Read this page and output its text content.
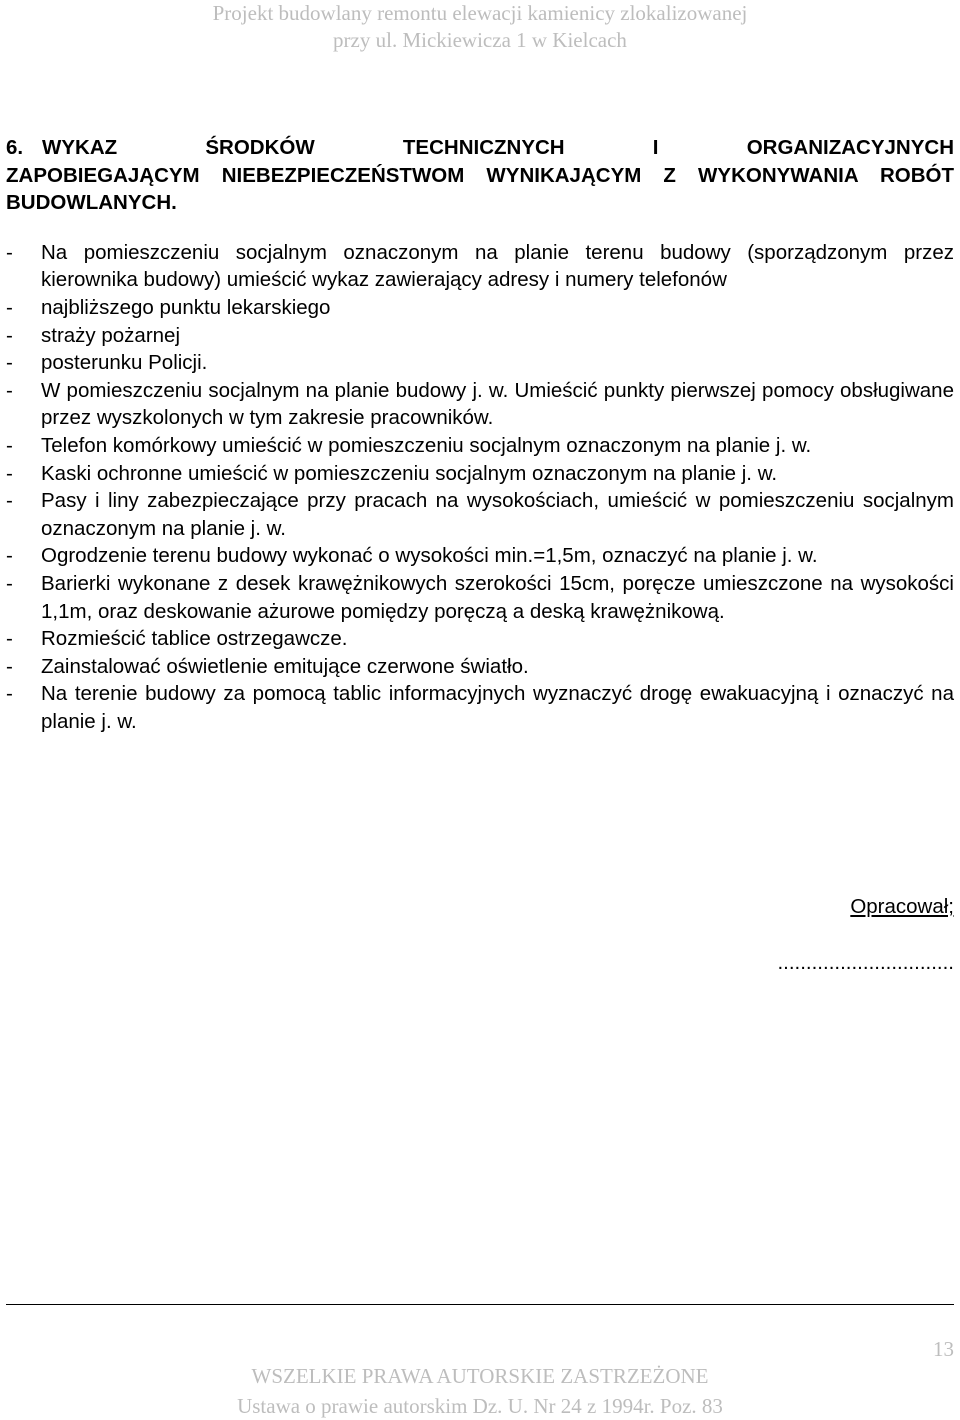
Projekt budowlany remontu elewacji kamienicy zlokalizowanej
przy ul. Mickiewicza 1 w Kielcach
6. WYKAZ ŚRODKÓW TECHNICZNYCH I ORGANIZACYJNYCH
ZAPOBIEGAJĄCYM NIEBEZPIECZEŃSTWOM WYNIKAJĄCYM Z WYKONYWANIA ROBÓT BUDOWLANYCH.
- Na pomieszczeniu socjalnym oznaczonym na planie terenu budowy (sporządzonym przez kierownika budowy) umieścić wykaz zawierający adresy i numery telefonów
- najbliższego punktu lekarskiego
- straży pożarnej
- posterunku Policji.
- W pomieszczeniu socjalnym na planie budowy j. w. Umieścić punkty pierwszej pomocy obsługiwane przez wyszkolonych w tym zakresie pracowników.
- Telefon komórkowy umieścić w pomieszczeniu socjalnym oznaczonym na planie j. w.
- Kaski ochronne umieścić w pomieszczeniu socjalnym oznaczonym na planie j. w.
- Pasy i liny zabezpieczające przy pracach na wysokościach, umieścić w pomieszczeniu socjalnym oznaczonym na planie j. w.
- Ogrodzenie terenu budowy wykonać o wysokości min.=1,5m, oznaczyć na planie j. w.
- Barierki wykonane z desek krawężnikowych szerokości 15cm, poręcze umieszczone na wysokości 1,1m, oraz deskowanie ażurowe pomiędzy poręczą a deską krawężnikową.
- Rozmieścić tablice ostrzegawcze.
- Zainstalować oświetlenie emitujące czerwone światło.
- Na terenie budowy za pomocą tablic informacyjnych wyznaczyć drogę ewakuacyjną i oznaczyć na planie j. w.
Opracował;
...............................
13
WSZELKIE PRAWA AUTORSKIE ZASTRZEŻONE
Ustawa o prawie autorskim Dz. U. Nr 24 z 1994r. Poz. 83
